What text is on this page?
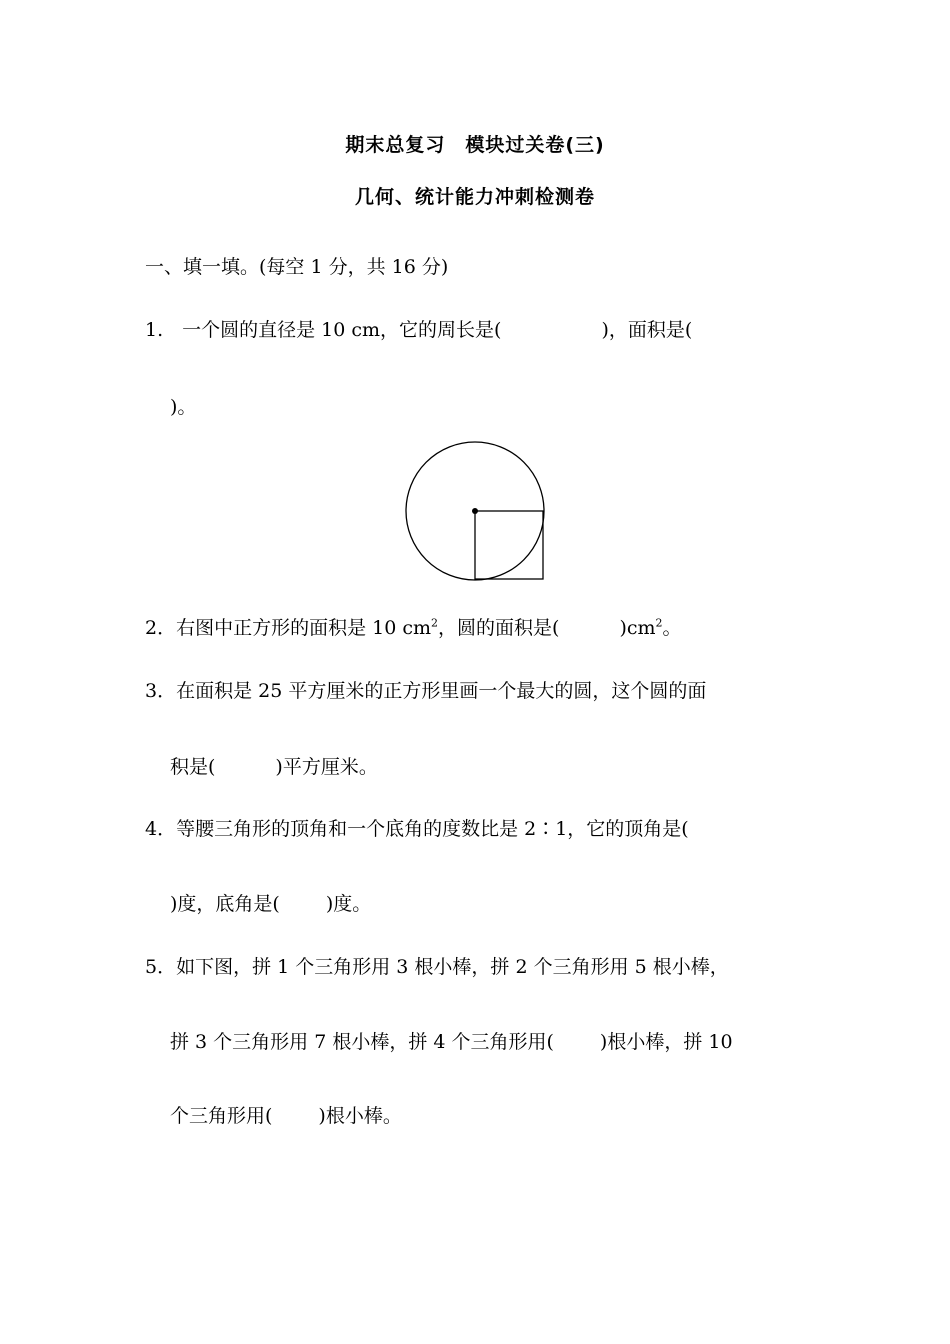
期末总复习　模块过关卷(三)
几何、统计能力冲刺检测卷
一、填一填。(每空 1 分，共 16 分)
1.　一个圆的直径是 10 cm，它的周长是(	)，面积是(
)。
2．右图中正方形的面积是 10 $cm^2$，圆的面积是(	)$cm^2$。
3．在面积是 25 平方厘米的正方形里画一个最大的圆，这个圆的面
积是(	)平方厘米。
4．等腰三角形的顶角和一个底角的度数比是 2∶1，它的顶角是(
)度，底角是( )度。
5．如下图，拼 1 个三角形用 3 根小棒，拼 2 个三角形用 5 根小棒，
拼 3 个三角形用 7 根小棒，拼 4 个三角形用( )根小棒，拼 10
个三角形用( )根小棒。
